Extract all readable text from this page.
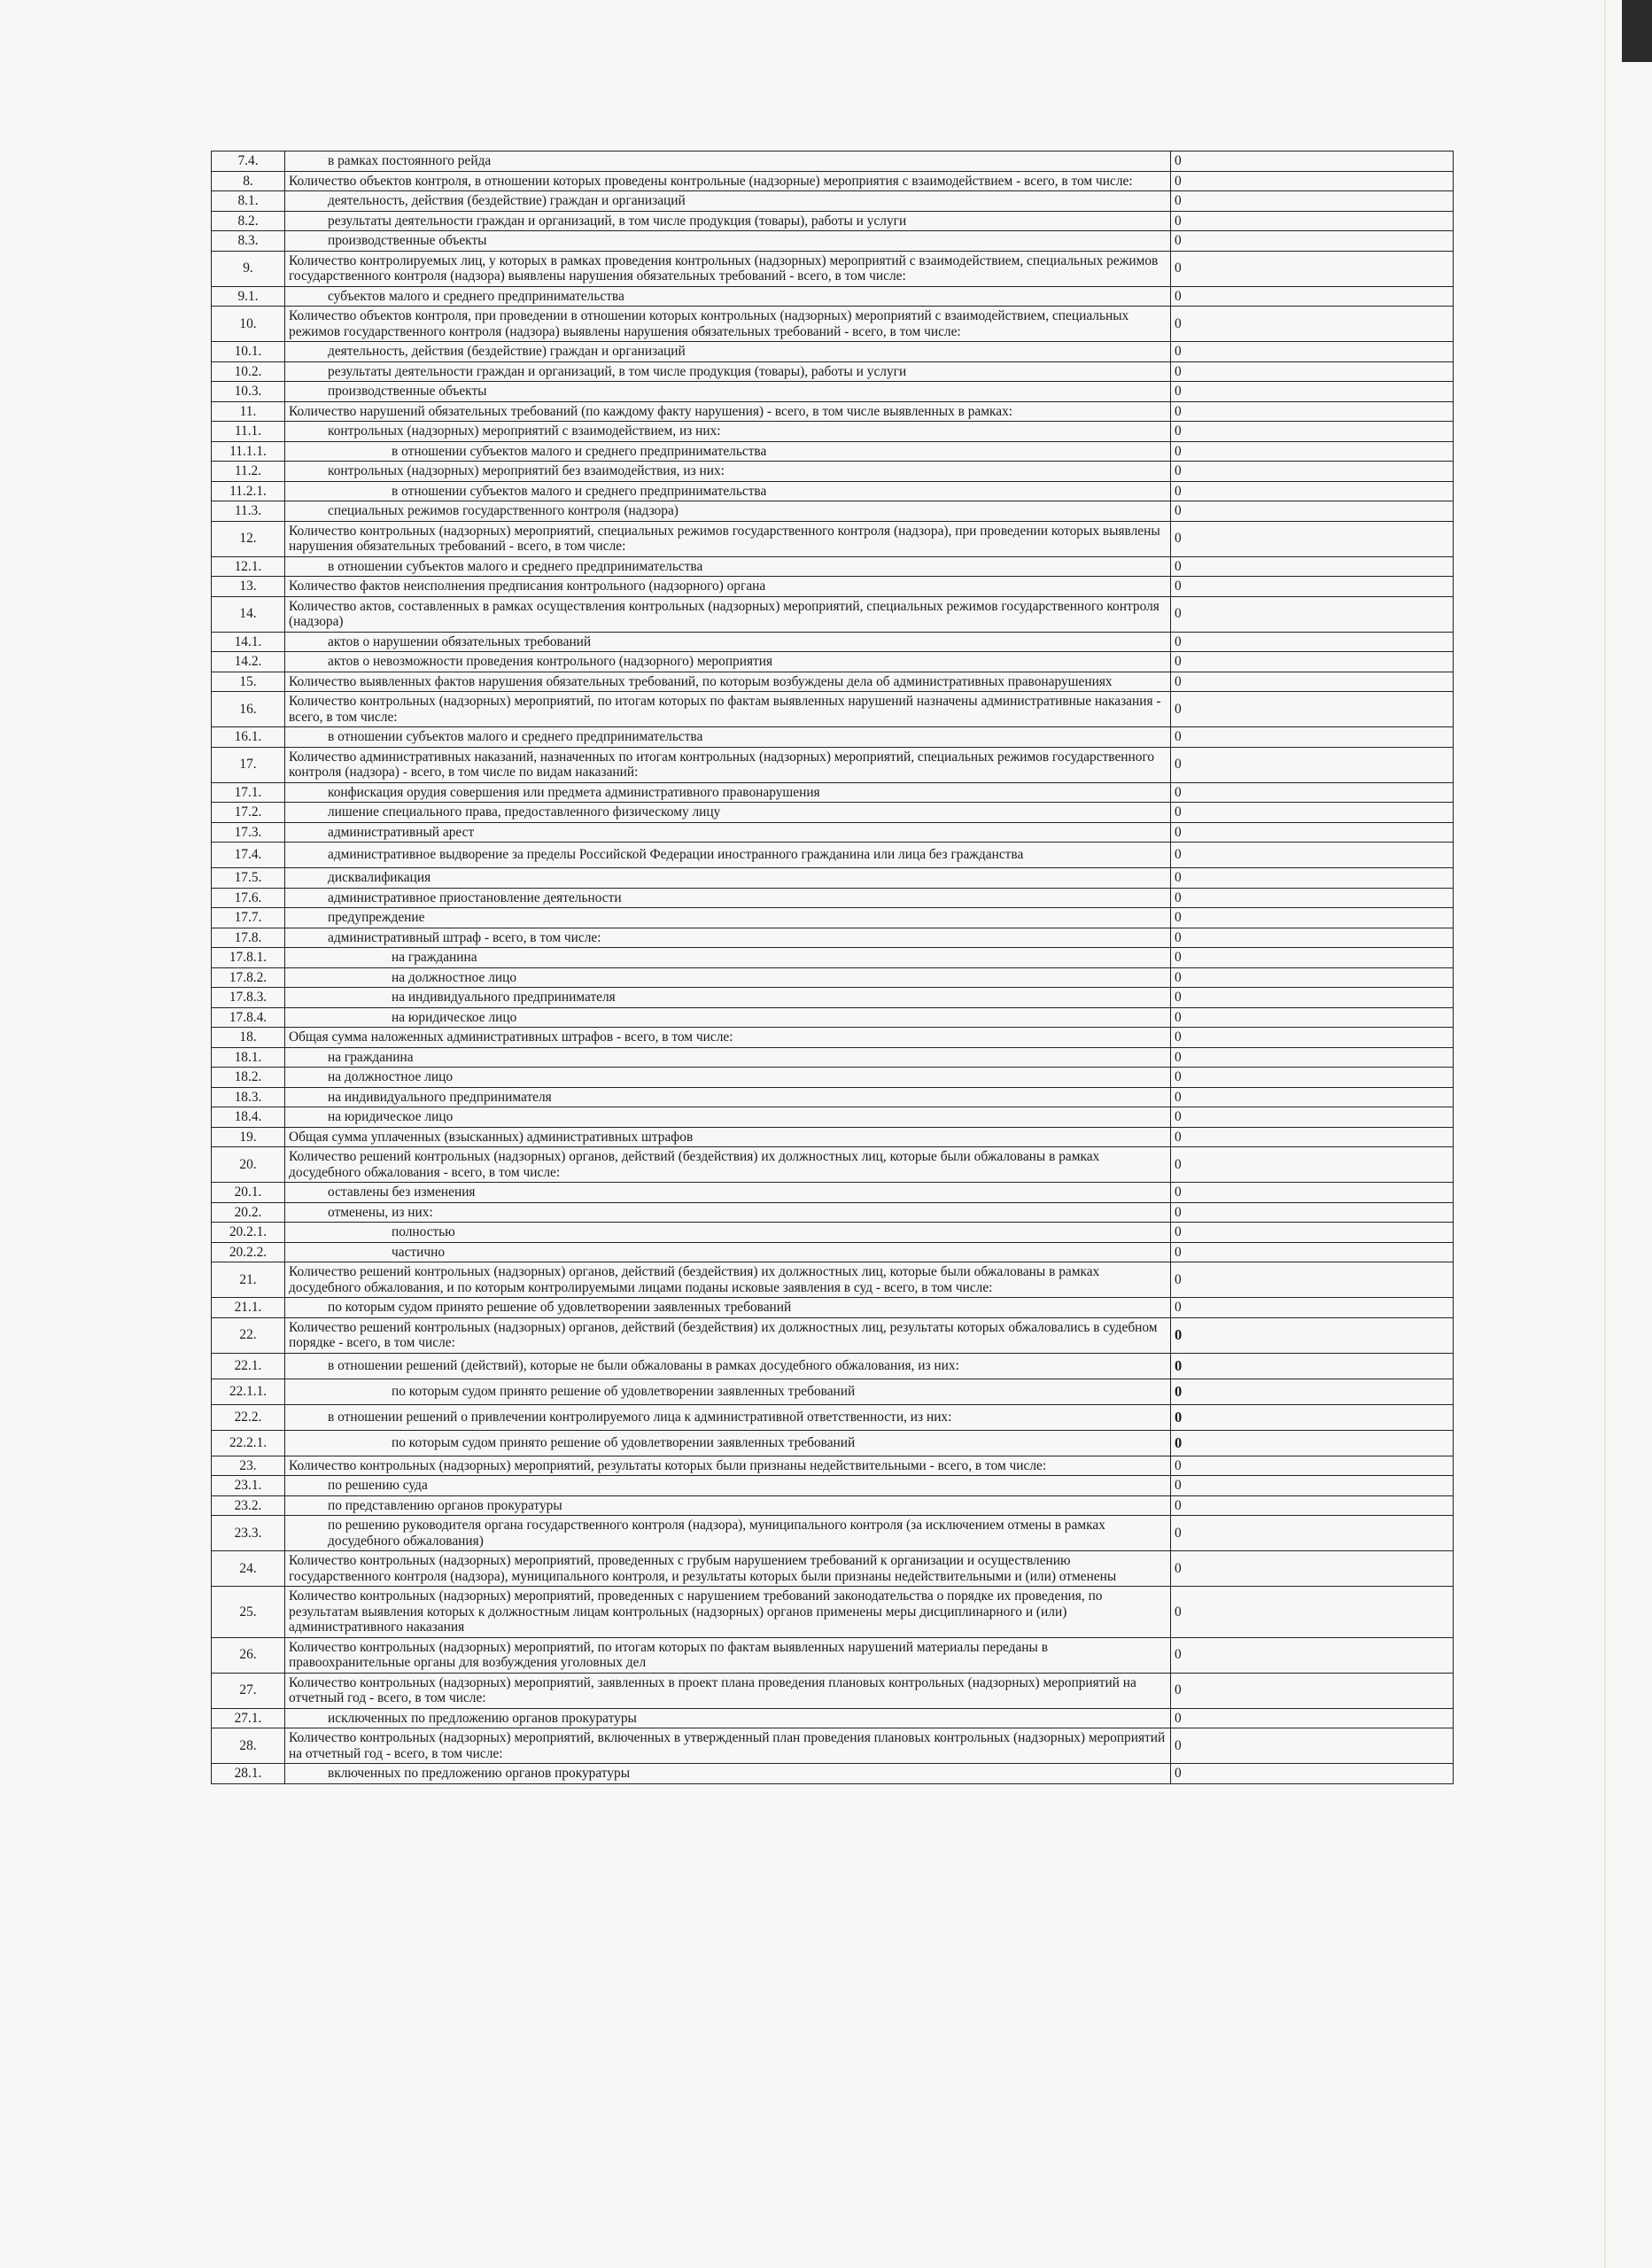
7.4.	в рамках постоянного рейда	0
8.	Количество объектов контроля, в отношении которых проведены контрольные (надзорные) мероприятия с взаимодействием - всего, в том числе:	0
8.1.	деятельность, действия (бездействие) граждан и организаций	0
8.2.	результаты деятельности граждан и организаций, в том числе продукция (товары), работы и услуги	0
8.3.	производственные объекты	0
9.	Количество контролируемых лиц, у которых в рамках проведения контрольных (надзорных) мероприятий с взаимодействием, специальных режимов государственного контроля (надзора) выявлены нарушения обязательных требований - всего, в том числе:	0
9.1.	субъектов малого и среднего предпринимательства	0
10.	Количество объектов контроля, при проведении в отношении которых контрольных (надзорных) мероприятий с взаимодействием, специальных режимов государственного контроля (надзора) выявлены нарушения обязательных требований - всего, в том числе:	0
10.1.	деятельность, действия (бездействие) граждан и организаций	0
10.2.	результаты деятельности граждан и организаций, в том числе продукция (товары), работы и услуги	0
10.3.	производственные объекты	0
11.	Количество нарушений обязательных требований (по каждому факту нарушения) - всего, в том числе выявленных в рамках:	0
11.1.	контрольных (надзорных) мероприятий с взаимодействием, из них:	0
11.1.1.	в отношении субъектов малого и среднего предпринимательства	0
11.2.	контрольных (надзорных) мероприятий без взаимодействия, из них:	0
11.2.1.	в отношении субъектов малого и среднего предпринимательства	0
11.3.	специальных режимов государственного контроля (надзора)	0
12.	Количество контрольных (надзорных) мероприятий, специальных режимов государственного контроля (надзора), при проведении которых выявлены нарушения обязательных требований - всего, в том числе:	0
12.1.	в отношении субъектов малого и среднего предпринимательства	0
13.	Количество фактов неисполнения предписания контрольного (надзорного) органа	0
14.	Количество актов, составленных в рамках осуществления контрольных (надзорных) мероприятий, специальных режимов государственного контроля (надзора)	0
14.1.	актов о нарушении обязательных требований	0
14.2.	актов о невозможности проведения контрольного (надзорного) мероприятия	0
15.	Количество выявленных фактов нарушения обязательных требований, по которым возбуждены дела об административных правонарушениях	0
16.	Количество контрольных (надзорных) мероприятий, по итогам которых по фактам выявленных нарушений назначены административные наказания - всего, в том числе:	0
16.1.	в отношении субъектов малого и среднего предпринимательства	0
17.	Количество административных наказаний, назначенных по итогам контрольных (надзорных) мероприятий, специальных режимов государственного контроля (надзора) - всего, в том числе по видам наказаний:	0
17.1.	конфискация орудия совершения или предмета административного правонарушения	0
17.2.	лишение специального права, предоставленного физическому лицу	0
17.3.	административный арест	0
17.4.	административное выдворение за пределы Российской Федерации иностранного гражданина или лица без гражданства	0
17.5.	дисквалификация	0
17.6.	административное приостановление деятельности	0
17.7.	предупреждение	0
17.8.	административный штраф - всего, в том числе:	0
17.8.1.	на гражданина	0
17.8.2.	на должностное лицо	0
17.8.3.	на индивидуального предпринимателя	0
17.8.4.	на юридическое лицо	0
18.	Общая сумма наложенных административных штрафов - всего, в том числе:	0
18.1.	на гражданина	0
18.2.	на должностное лицо	0
18.3.	на индивидуального предпринимателя	0
18.4.	на юридическое лицо	0
19.	Общая сумма уплаченных (взысканных) административных штрафов	0
20.	Количество решений контрольных (надзорных) органов, действий (бездействия) их должностных лиц, которые были обжалованы в рамках досудебного обжалования - всего, в том числе:	0
20.1.	оставлены без изменения	0
20.2.	отменены, из них:	0
20.2.1.	полностью	0
20.2.2.	частично	0
21.	Количество решений контрольных (надзорных) органов, действий (бездействия) их должностных лиц, которые были обжалованы в рамках досудебного обжалования, и по которым контролируемыми лицами поданы исковые заявления в суд - всего, в том числе:	0
21.1.	по которым судом принято решение об удовлетворении заявленных требований	0
22.	Количество решений контрольных (надзорных) органов, действий (бездействия) их должностных лиц, результаты которых обжаловались в судебном порядке - всего, в том числе:	0
22.1.	в отношении решений (действий), которые не были обжалованы в рамках досудебного обжалования, из них:	0
22.1.1.	по которым судом принято решение об удовлетворении заявленных требований	0
22.2.	в отношении решений о привлечении контролируемого лица к административной ответственности, из них:	0
22.2.1.	по которым судом принято решение об удовлетворении заявленных требований	0
23.	Количество контрольных (надзорных) мероприятий, результаты которых были признаны недействительными - всего, в том числе:	0
23.1.	по решению суда	0
23.2.	по представлению органов прокуратуры	0
23.3.	по решению руководителя органа государственного контроля (надзора), муниципального контроля (за исключением отмены в рамках досудебного обжалования)	0
24.	Количество контрольных (надзорных) мероприятий, проведенных с грубым нарушением требований к организации и осуществлению государственного контроля (надзора), муниципального контроля, и результаты которых были признаны недействительными и (или) отменены	0
25.	Количество контрольных (надзорных) мероприятий, проведенных с нарушением требований законодательства о порядке их проведения, по результатам выявления которых к должностным лицам контрольных (надзорных) органов применены меры дисциплинарного и (или) административного наказания	0
26.	Количество контрольных (надзорных) мероприятий, по итогам которых по фактам выявленных нарушений материалы переданы в правоохранительные органы для возбуждения уголовных дел	0
27.	Количество контрольных (надзорных) мероприятий, заявленных в проект плана проведения плановых контрольных (надзорных) мероприятий на отчетный год - всего, в том числе:	0
27.1.	исключенных по предложению органов прокуратуры	0
28.	Количество контрольных (надзорных) мероприятий, включенных в утвержденный план проведения плановых контрольных (надзорных) мероприятий на отчетный год - всего, в том числе:	0
28.1.	включенных по предложению органов прокуратуры	0
